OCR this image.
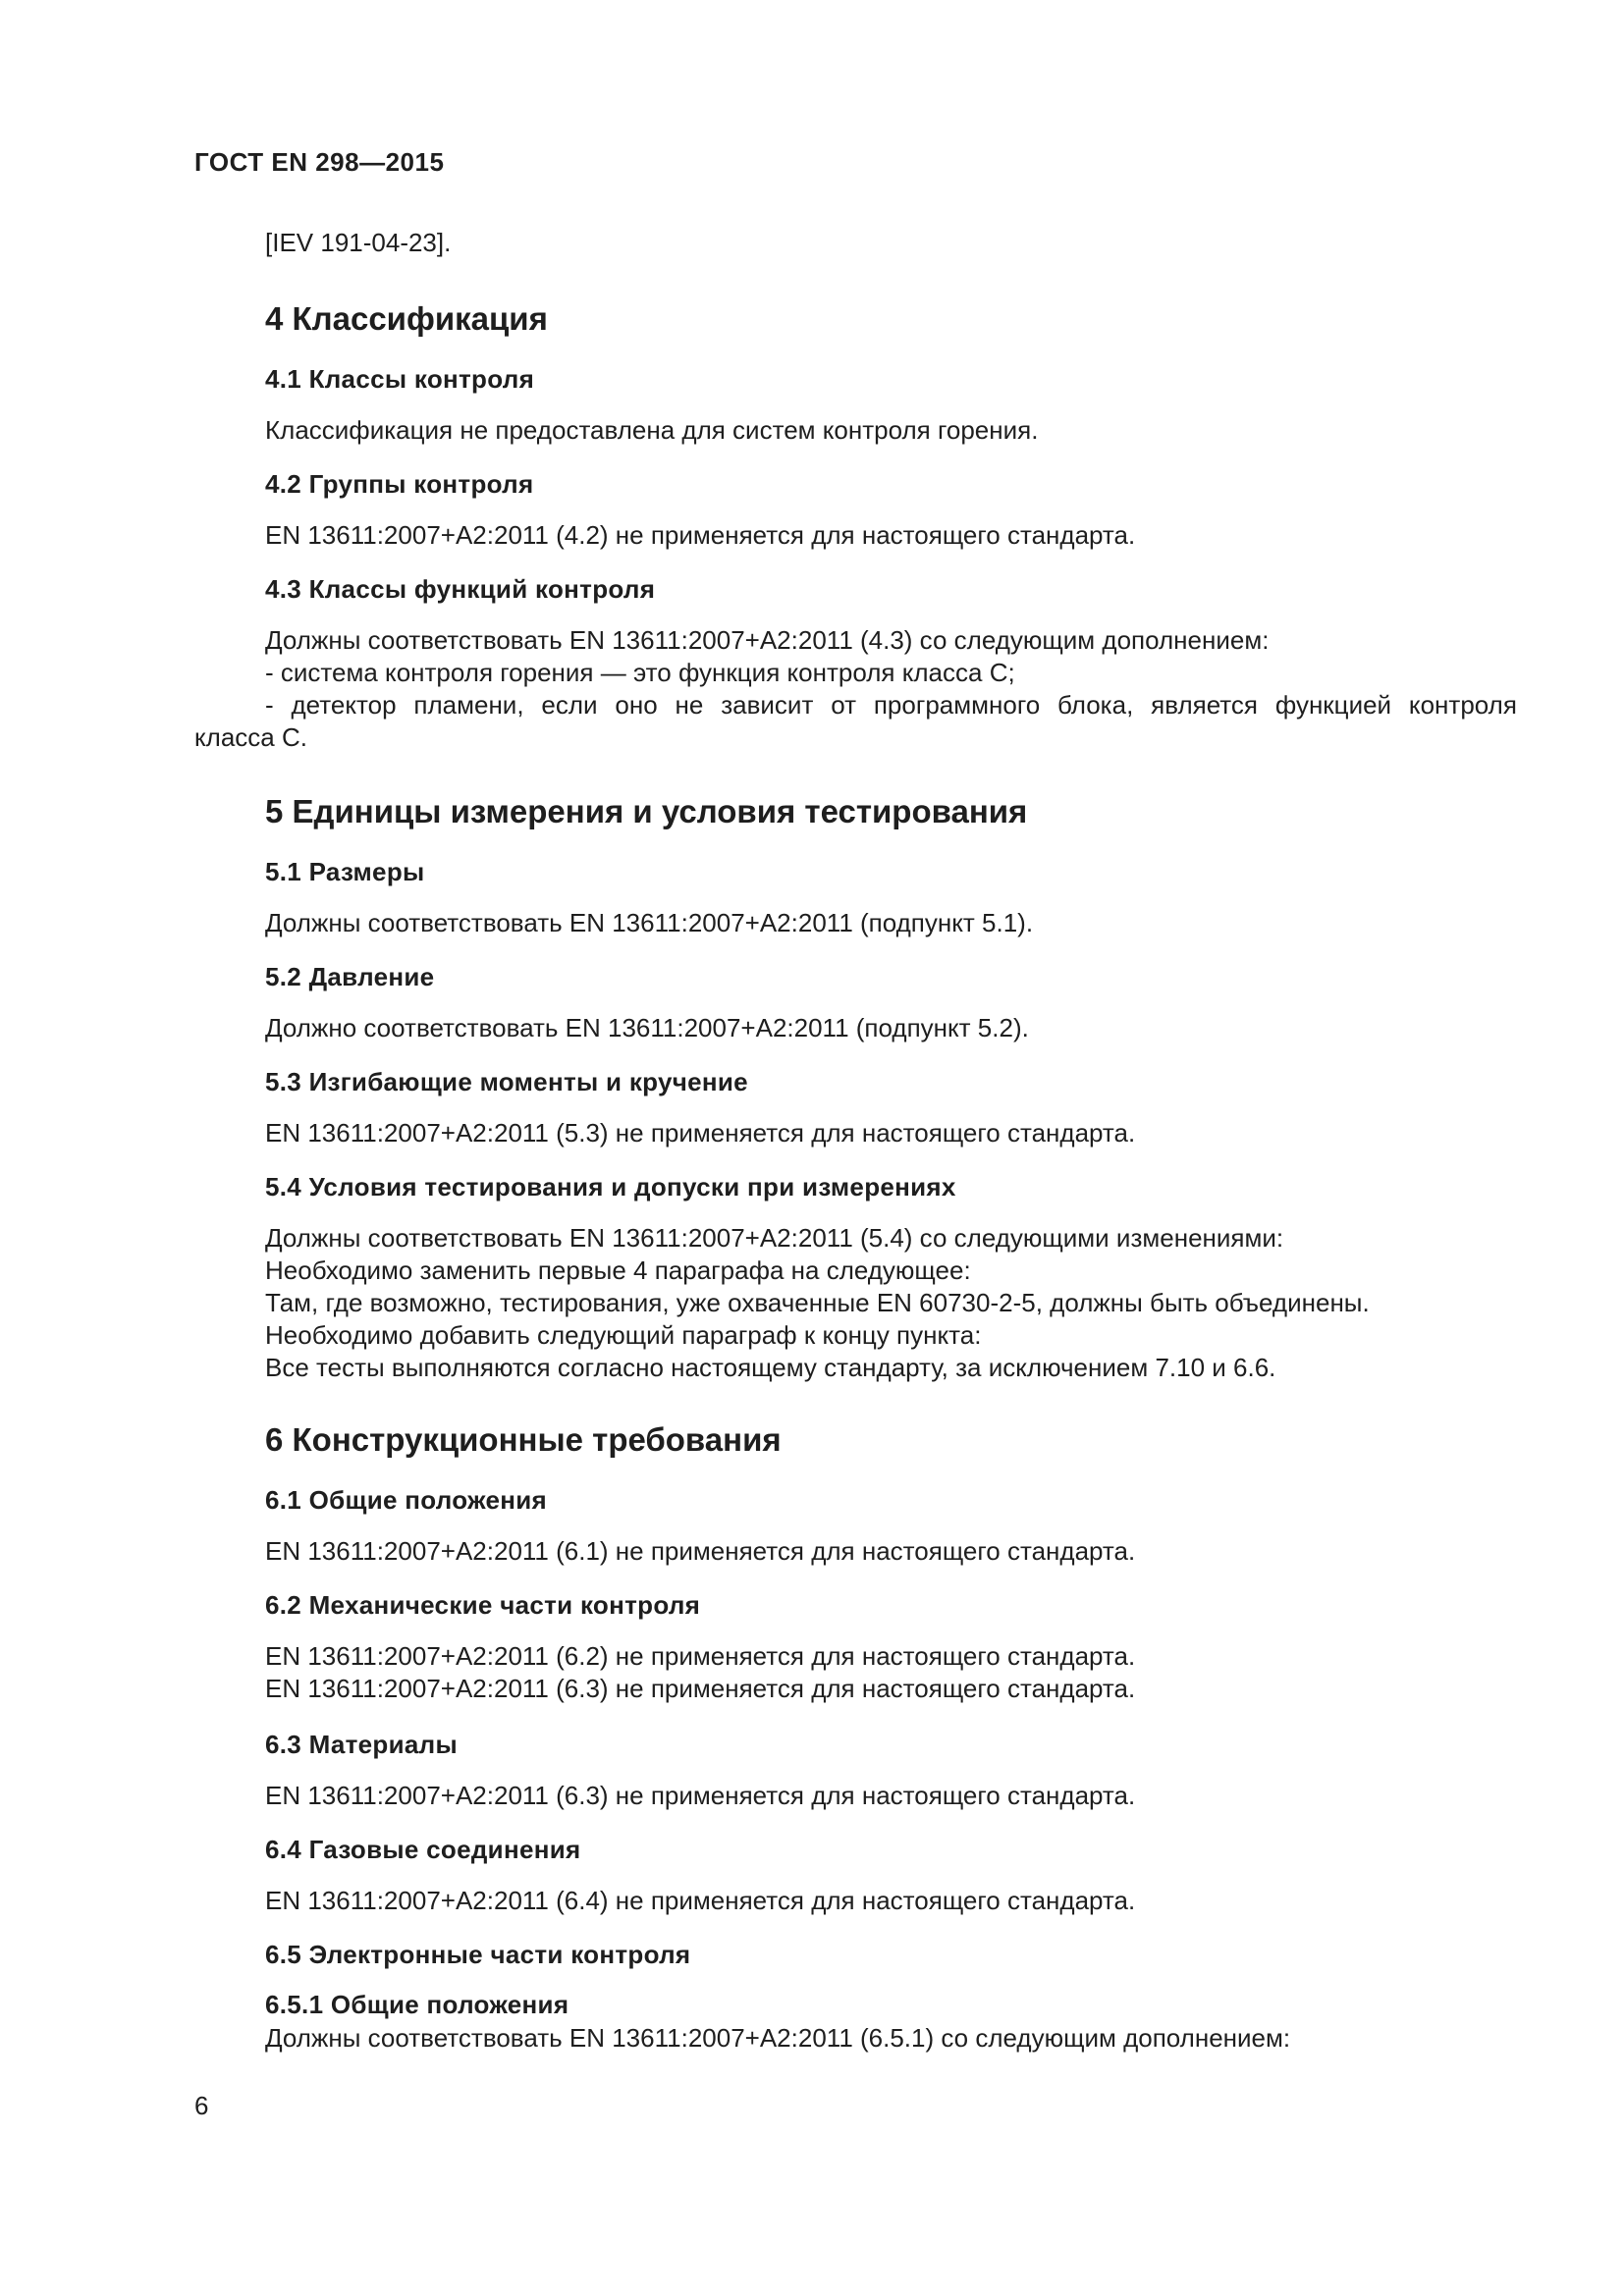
ГОСТ EN 298—2015

[IEV 191-04-23].

4 Классификация
4.1 Классы контроля

Классификация не предоставлена для систем контроля горения.

4.2 Группы контроля

EN 13611:2007+A2:2011 (4.2) не применяется для настоящего стандарта.

4.3 Классы функций контроля

Должны соответствовать EN 13611:2007+A2:2011 (4.3) со следующим дополнением:

- система контроля горения — это функция контроля класса С;

- детектор пламени, если оно не зависит от программного блока, является функцией контроля

класса С.

5 Единицы измерения и условия тестирования
5.1 Размеры

Должны соответствовать EN 13611:2007+A2:2011 (подпункт 5.1).

5.2 Давление

Должно соответствовать EN 13611:2007+A2:2011 (подпункт 5.2).

5.3 Изгибающие моменты и кручение

EN 13611:2007+A2:2011 (5.3) не применяется для настоящего стандарта.

5.4 Условия тестирования и допуски при измерениях

Должны соответствовать EN 13611:2007+A2:2011 (5.4) со следующими изменениями:

Необходимо заменить первые 4 параграфа на следующее:

Там, где возможно, тестирования, уже охваченные EN 60730-2-5, должны быть объединены.

Необходимо добавить следующий параграф к концу пункта:

Все тесты выполняются согласно настоящему стандарту, за исключением 7.10 и 6.6.

6 Конструкционные требования
6.1 Общие положения

EN 13611:2007+A2:2011 (6.1) не применяется для настоящего стандарта.

6.2 Механические части контроля

EN 13611:2007+A2:2011 (6.2) не применяется для настоящего стандарта.

EN 13611:2007+A2:2011 (6.3) не применяется для настоящего стандарта.

6.3 Материалы

EN 13611:2007+A2:2011 (6.3) не применяется для настоящего стандарта.

6.4 Газовые соединения

EN 13611:2007+A2:2011 (6.4) не применяется для настоящего стандарта.

6.5 Электронные части контроля
6.5.1 Общие положения

Должны соответствовать EN 13611:2007+A2:2011 (6.5.1) со следующим дополнением:

6
